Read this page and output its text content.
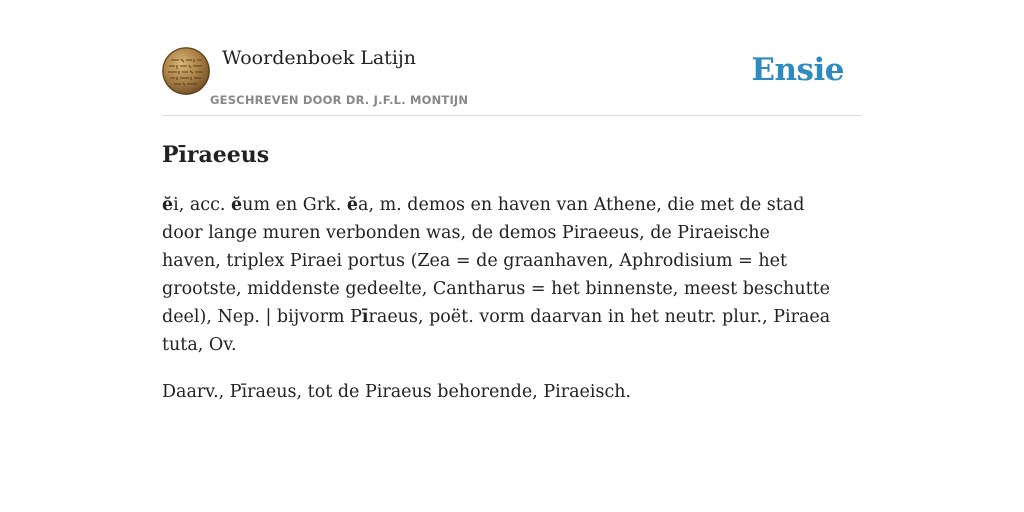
Woordenboek Latijn
GESCHREVEN DOOR DR. J.F.L. MONTIJN
Ensie
Pīraeeus

ĕi, acc. ĕum en Grk. ĕa, m. demos en haven van Athene, die met de stad door lange muren verbonden was, de demos Piraeeus, de Piraeische haven, triplex Piraei portus (Zea = de graanhaven, Aphrodisium = het grootste, middenste gedeelte, Cantharus = het binnenste, meest beschutte deel), Nep. | bijvorm Pīraeus, poët. vorm daarvan in het neutr. plur., Piraea tuta, Ov.

Daarv., Pīraeus, tot de Piraeus behorende, Piraeisch.
